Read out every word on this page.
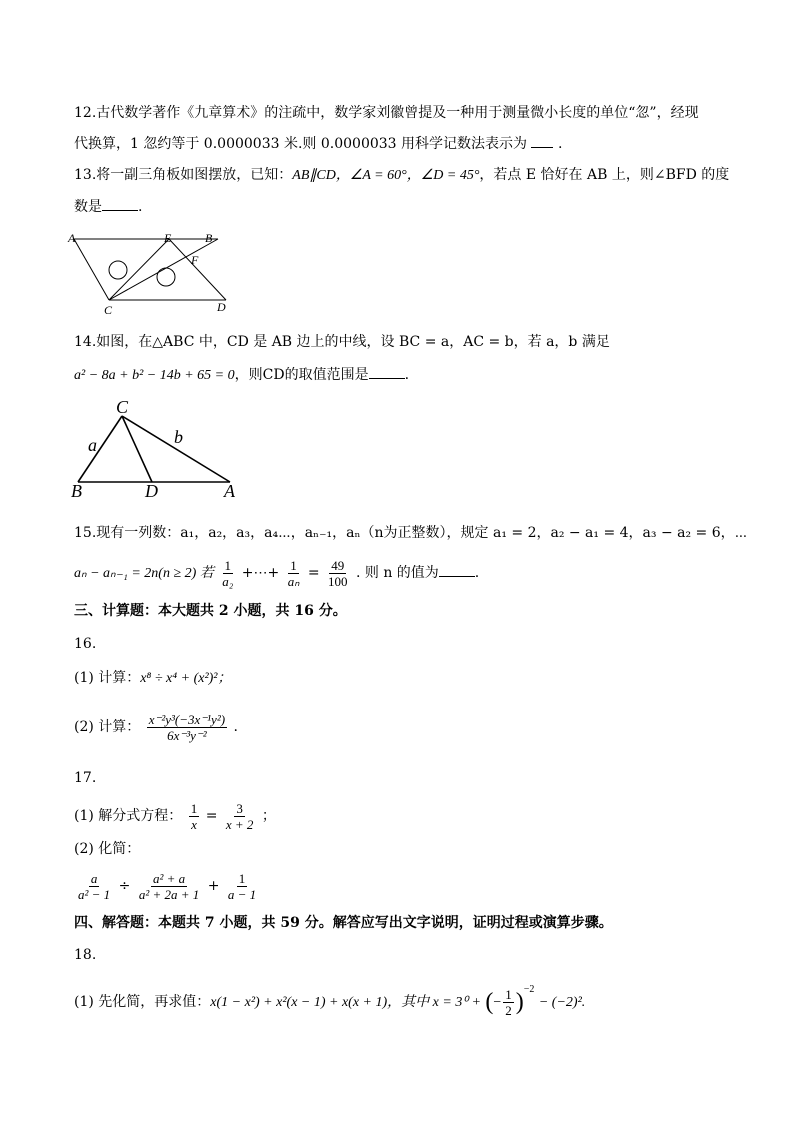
12.古代数学著作《九章算术》的注疏中，数学家刘徽曾提及一种用于测量微小长度的单位“忽”，经现
代换算，1 忽约等于 0.0000033 米.则 0.0000033 用科学记数法表示为 .
13.将一副三角板如图摆放，已知：AB∥CD，∠A = 60°，∠D = 45°，若点 E 恰好在 AB 上，则∠BFD 的度
数是	.
A	E	B
F
C	D
14.如图，在△ABC 中，CD 是 AB 边上的中线，设 BC = a，AC = b，若 a，b 满足
a² − 8a + b² − 14b + 65 = 0，则CD的取值范围是	.
C
a	b
B	D	A
15.现有一列数：a₁，a₂，a₃，a₄⋯，aₙ₋₁，aₙ（n为正整数），规定 a₁ = 2，a₂ − a₁ = 4，a₃ − a₂ = 6，⋯
aₙ − aₙ₋₁ = 2n(n ≥ 2) 若 $\frac{1}{\text{a₂}}$ +⋯+ $\frac{1}{\text{aₙ}} = \frac{49}{100}$ . 则 n 的值为	.
三、计算题：本大题共 2 小题，共 16 分。
16.
(1) 计算：x⁸ ÷ x⁴ + (x²)²；
(2) 计算： $\frac{\text{x⁻²y³(−3x⁻¹y²)}}{\text{6x⁻³y⁻²}}$ .
17.
(1) 解分式方程： $\frac{1}{x} = \frac{3}{x + 2}$ ；
(2) 化简：
$\frac{a}{\text{a² − 1}} \div \frac{\text{a² + a}}{\text{a² + 2a + 1}} + \frac{1}{a - 1}$
四、解答题：本题共 7 小题，共 59 分。解答应写出文字说明，证明过程或演算步骤。
18.
(1) 先化简，再求值：x(1 − x²) + x²(x − 1) + x(x + 1)，其中 x = 3⁰ + (− $\frac{1}{2} )^{-2} - (-2)^2$.
